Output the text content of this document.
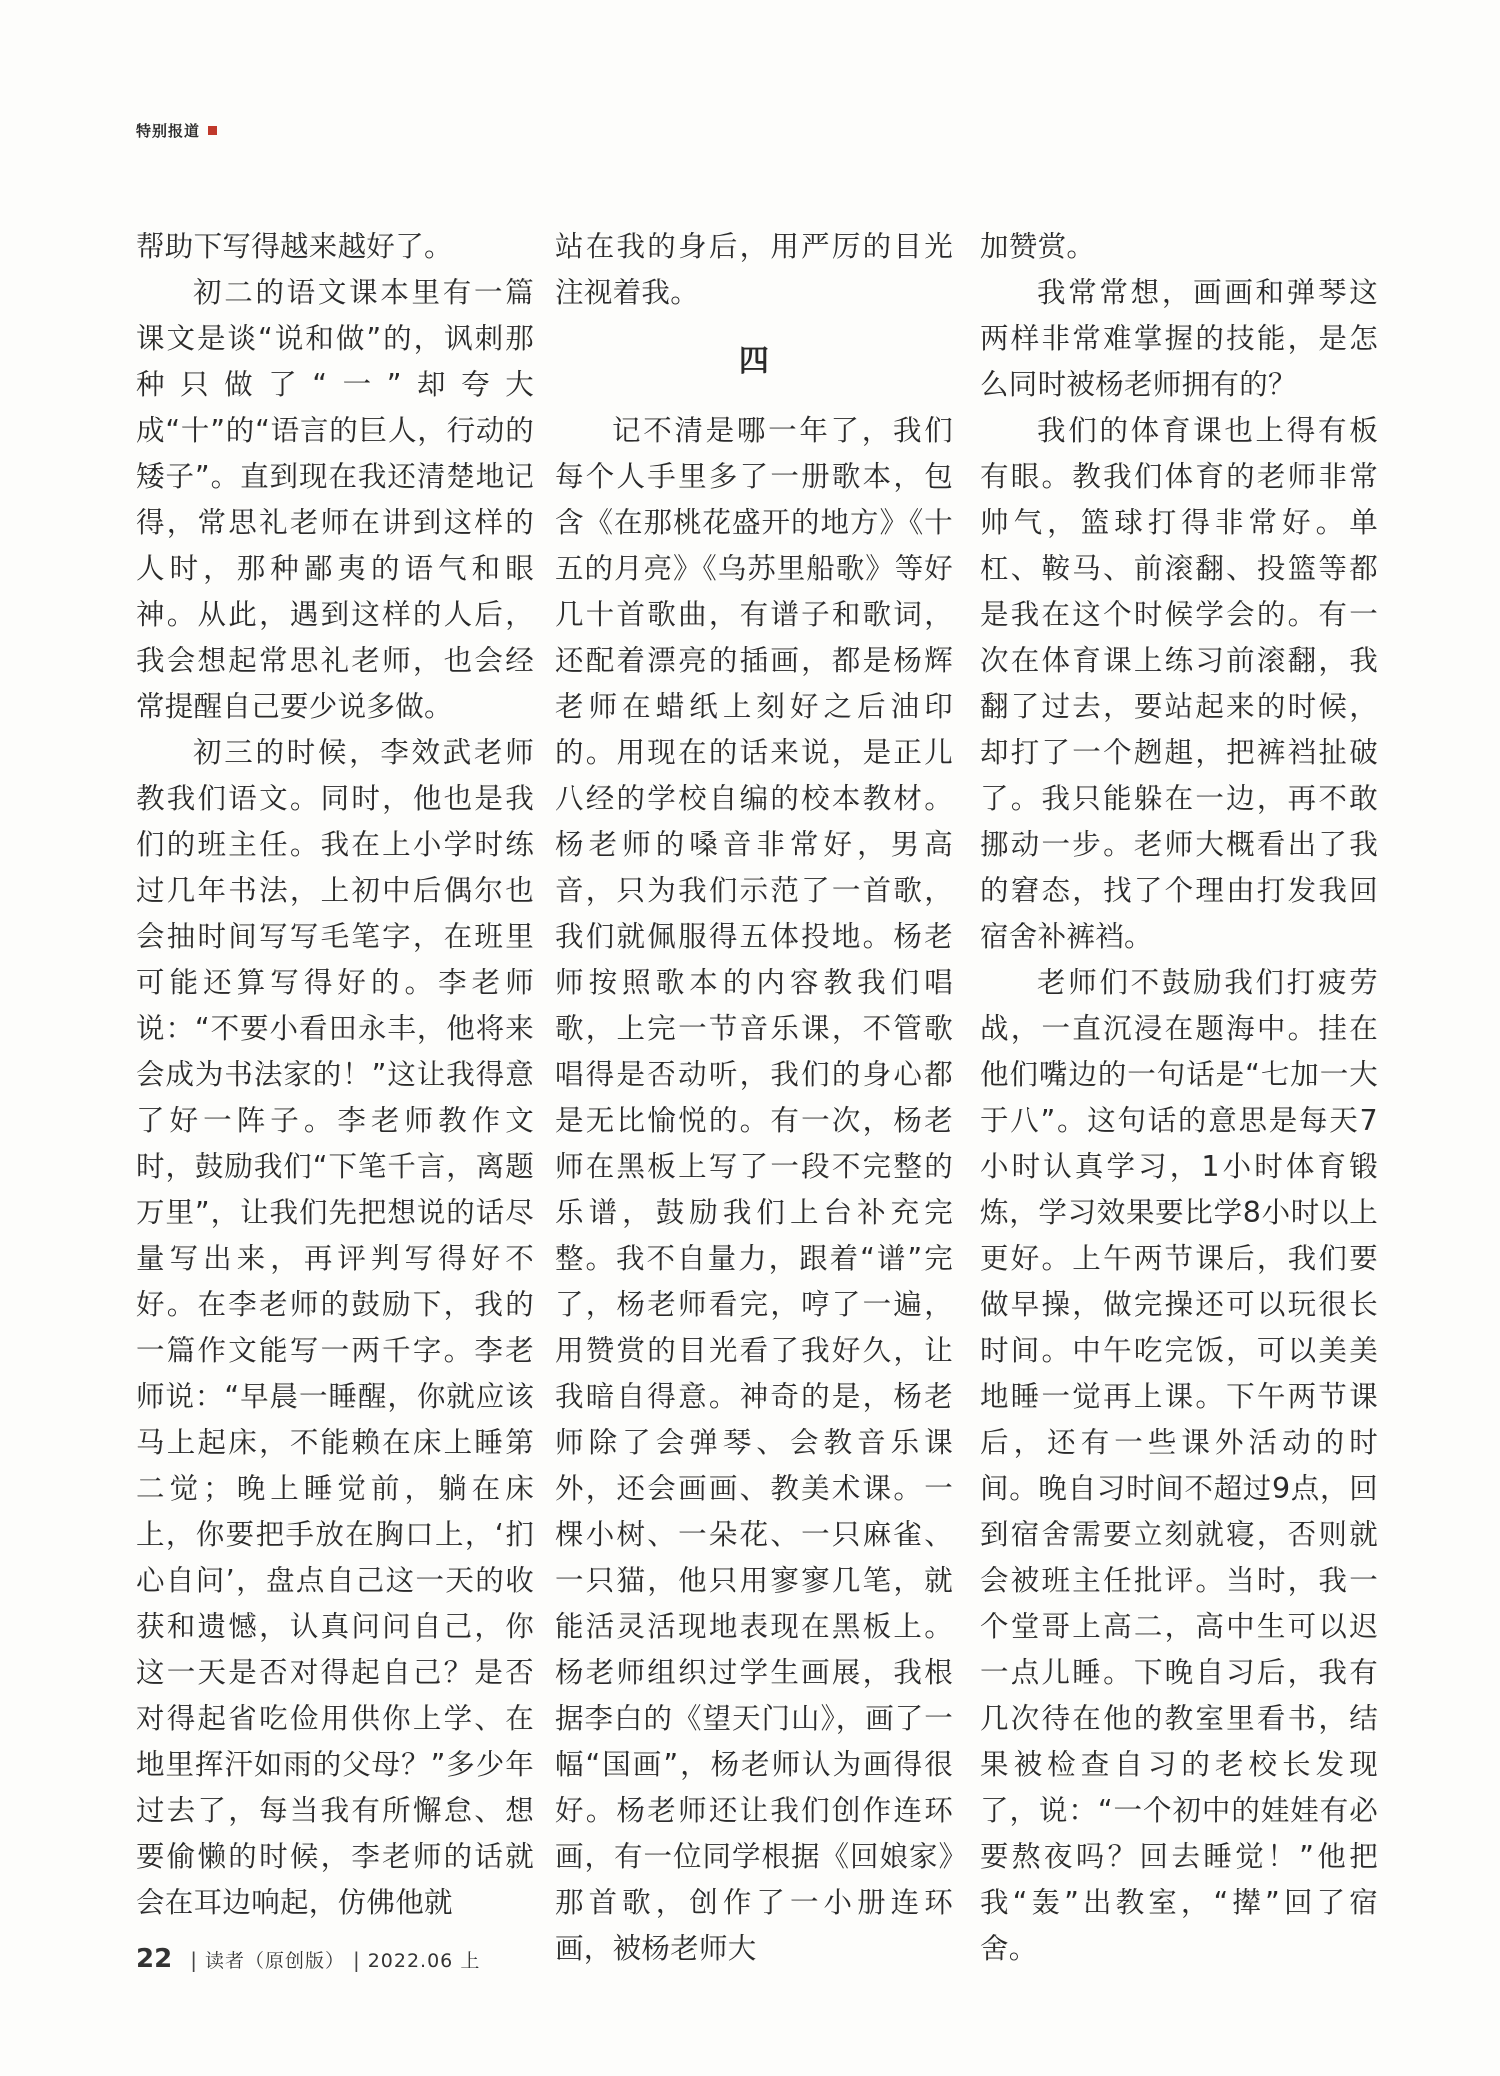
特别报道

帮助下写得越来越好了。

初二的语文课本里有一篇课文是谈“说和做”的，讽刺那种只做了“一”却夸大成“十”的“语言的巨人，行动的矮子”。直到现在我还清楚地记得，常思礼老师在讲到这样的人时，那种鄙夷的语气和眼神。从此，遇到这样的人后，我会想起常思礼老师，也会经常提醒自己要少说多做。

初三的时候，李效武老师教我们语文。同时，他也是我们的班主任。我在上小学时练过几年书法，上初中后偶尔也会抽时间写写毛笔字，在班里可能还算写得好的。李老师说：“不要小看田永丰，他将来会成为书法家的！”这让我得意了好一阵子。李老师教作文时，鼓励我们“下笔千言，离题万里”，让我们先把想说的话尽量写出来，再评判写得好不好。在李老师的鼓励下，我的一篇作文能写一两千字。李老师说：“早晨一睡醒，你就应该马上起床，不能赖在床上睡第二觉；晚上睡觉前，躺在床上，你要把手放在胸口上，‘扪心自问’，盘点自己这一天的收获和遗憾，认真问问自己，你这一天是否对得起自己？是否对得起省吃俭用供你上学、在地里挥汗如雨的父母？”多少年过去了，每当我有所懈怠、想要偷懒的时候，李老师的话就会在耳边响起，仿佛他就

站在我的身后，用严厉的目光注视着我。

四

记不清是哪一年了，我们每个人手里多了一册歌本，包含《在那桃花盛开的地方》《十五的月亮》《乌苏里船歌》等好几十首歌曲，有谱子和歌词，还配着漂亮的插画，都是杨辉老师在蜡纸上刻好之后油印的。用现在的话来说，是正儿八经的学校自编的校本教材。杨老师的嗓音非常好，男高音，只为我们示范了一首歌，我们就佩服得五体投地。杨老师按照歌本的内容教我们唱歌，上完一节音乐课，不管歌唱得是否动听，我们的身心都是无比愉悦的。有一次，杨老师在黑板上写了一段不完整的乐谱，鼓励我们上台补充完整。我不自量力，跟着“谱”完了，杨老师看完，哼了一遍，用赞赏的目光看了我好久，让我暗自得意。神奇的是，杨老师除了会弹琴、会教音乐课外，还会画画、教美术课。一棵小树、一朵花、一只麻雀、一只猫，他只用寥寥几笔，就能活灵活现地表现在黑板上。杨老师组织过学生画展，我根据李白的《望天门山》，画了一幅“国画”，杨老师认为画得很好。杨老师还让我们创作连环画，有一位同学根据《回娘家》那首歌，创作了一小册连环画，被杨老师大

加赞赏。

我常常想，画画和弹琴这两样非常难掌握的技能，是怎么同时被杨老师拥有的？

我们的体育课也上得有板有眼。教我们体育的老师非常帅气，篮球打得非常好。单杠、鞍马、前滚翻、投篮等都是我在这个时候学会的。有一次在体育课上练习前滚翻，我翻了过去，要站起来的时候，却打了一个趔趄，把裤裆扯破了。我只能躲在一边，再不敢挪动一步。老师大概看出了我的窘态，找了个理由打发我回宿舍补裤裆。

老师们不鼓励我们打疲劳战，一直沉浸在题海中。挂在他们嘴边的一句话是“七加一大于八”。这句话的意思是每天7小时认真学习，1小时体育锻炼，学习效果要比学8小时以上更好。上午两节课后，我们要做早操，做完操还可以玩很长时间。中午吃完饭，可以美美地睡一觉再上课。下午两节课后，还有一些课外活动的时间。晚自习时间不超过9点，回到宿舍需要立刻就寝，否则就会被班主任批评。当时，我一个堂哥上高二，高中生可以迟一点儿睡。下晚自习后，我有几次待在他的教室里看书，结果被检查自习的老校长发现了，说：“一个初中的娃娃有必要熬夜吗？回去睡觉！”他把我“轰”出教室，“撵”回了宿舍。

22 | 读者（原创版） | 2022.06 上
